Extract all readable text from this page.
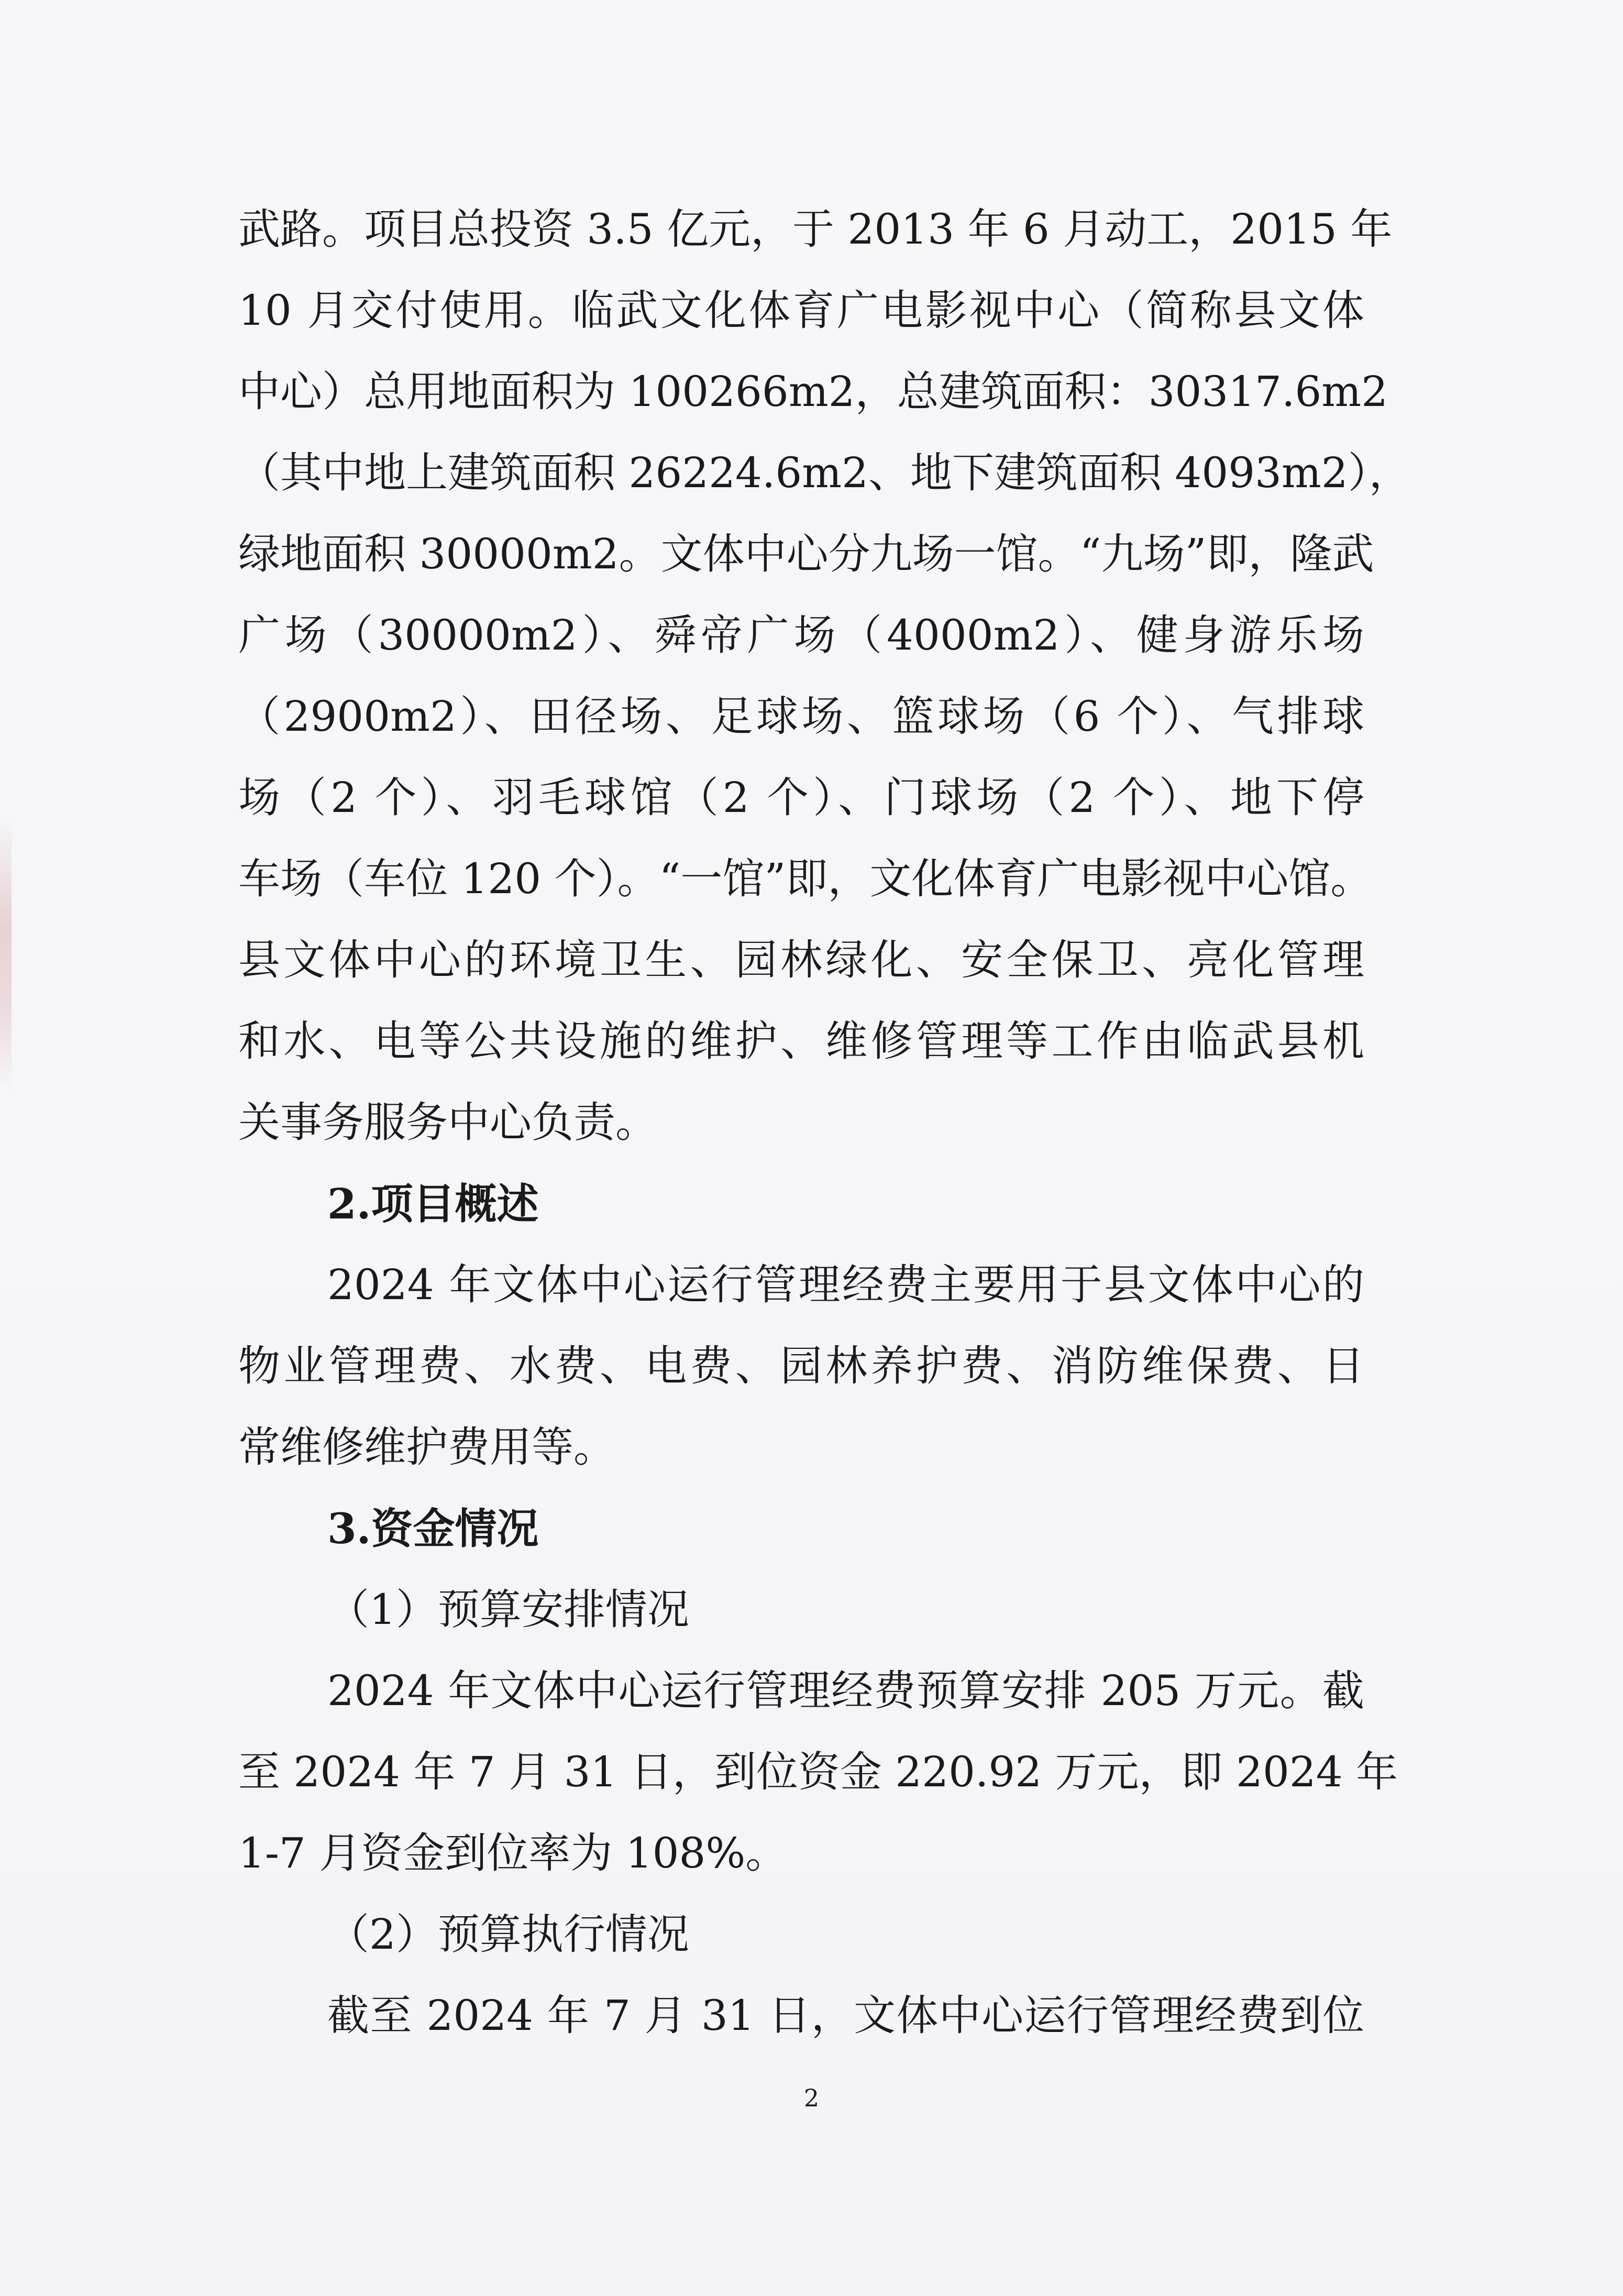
武路。项目总投资 3.5 亿元，于 2013 年 6 月动工，2015 年
10 月交付使用。临武文化体育广电影视中心（简称县文体
中心）总用地面积为 100266m2，总建筑面积：30317.6m2
（其中地上建筑面积 26224.6m2、地下建筑面积 4093m2），
绿地面积 30000m2。文体中心分九场一馆。“九场”即，隆武
广场（30000m2）、舜帝广场（4000m2）、健身游乐场
（2900m2）、田径场、足球场、篮球场（6 个）、气排球
场（2 个）、羽毛球馆（2 个）、门球场（2 个）、地下停
车场（车位 120 个）。“一馆”即，文化体育广电影视中心馆。
县文体中心的环境卫生、园林绿化、安全保卫、亮化管理
和水、电等公共设施的维护、维修管理等工作由临武县机
关事务服务中心负责。
2.项目概述
2024 年文体中心运行管理经费主要用于县文体中心的
物业管理费、水费、电费、园林养护费、消防维保费、日
常维修维护费用等。
3.资金情况
（1）预算安排情况
2024 年文体中心运行管理经费预算安排 205 万元。截
至 2024 年 7 月 31 日，到位资金 220.92 万元，即 2024 年
1-7 月资金到位率为 108%。
（2）预算执行情况
截至 2024 年 7 月 31 日，文体中心运行管理经费到位
2
